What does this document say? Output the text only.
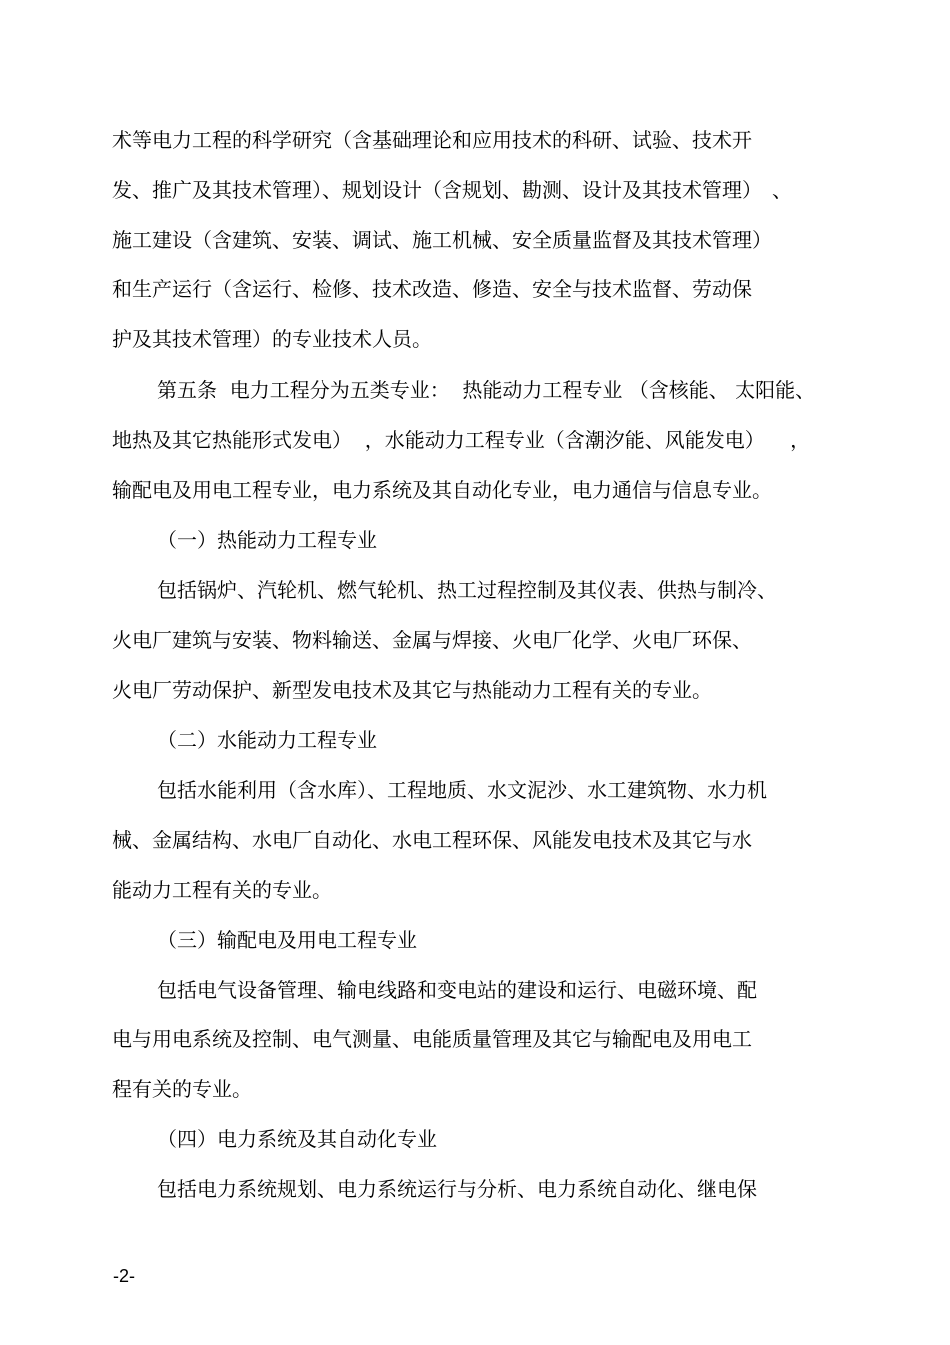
术等电力工程的科学研究（含基础理论和应用技术的科研、试验、技术开
发、推广及其技术管理）、规划设计（含规划、勘测、设计及其技术管理）　、
施工建设（含建筑、安装、调试、施工机械、安全质量监督及其技术管理）
和生产运行（含运行、检修、技术改造、修造、安全与技术监督、劳动保
护及其技术管理）的专业技术人员。
第五条  电力工程分为五类专业：  热能动力工程专业 （含核能、 太阳能、
地热及其它热能形式发电）  ，水能动力工程专业（含潮汐能、风能发电）    ，
输配电及用电工程专业，电力系统及其自动化专业，电力通信与信息专业。
（一）热能动力工程专业
包括锅炉、汽轮机、燃气轮机、热工过程控制及其仪表、供热与制冷、
火电厂建筑与安装、物料输送、金属与焊接、火电厂化学、火电厂环保、
火电厂劳动保护、新型发电技术及其它与热能动力工程有关的专业。
（二）水能动力工程专业
包括水能利用（含水库）、工程地质、水文泥沙、水工建筑物、水力机
械、金属结构、水电厂自动化、水电工程环保、风能发电技术及其它与水
能动力工程有关的专业。
（三）输配电及用电工程专业
包括电气设备管理、输电线路和变电站的建设和运行、电磁环境、配
电与用电系统及控制、电气测量、电能质量管理及其它与输配电及用电工
程有关的专业。
（四）电力系统及其自动化专业
包括电力系统规划、电力系统运行与分析、电力系统自动化、继电保
-2-
